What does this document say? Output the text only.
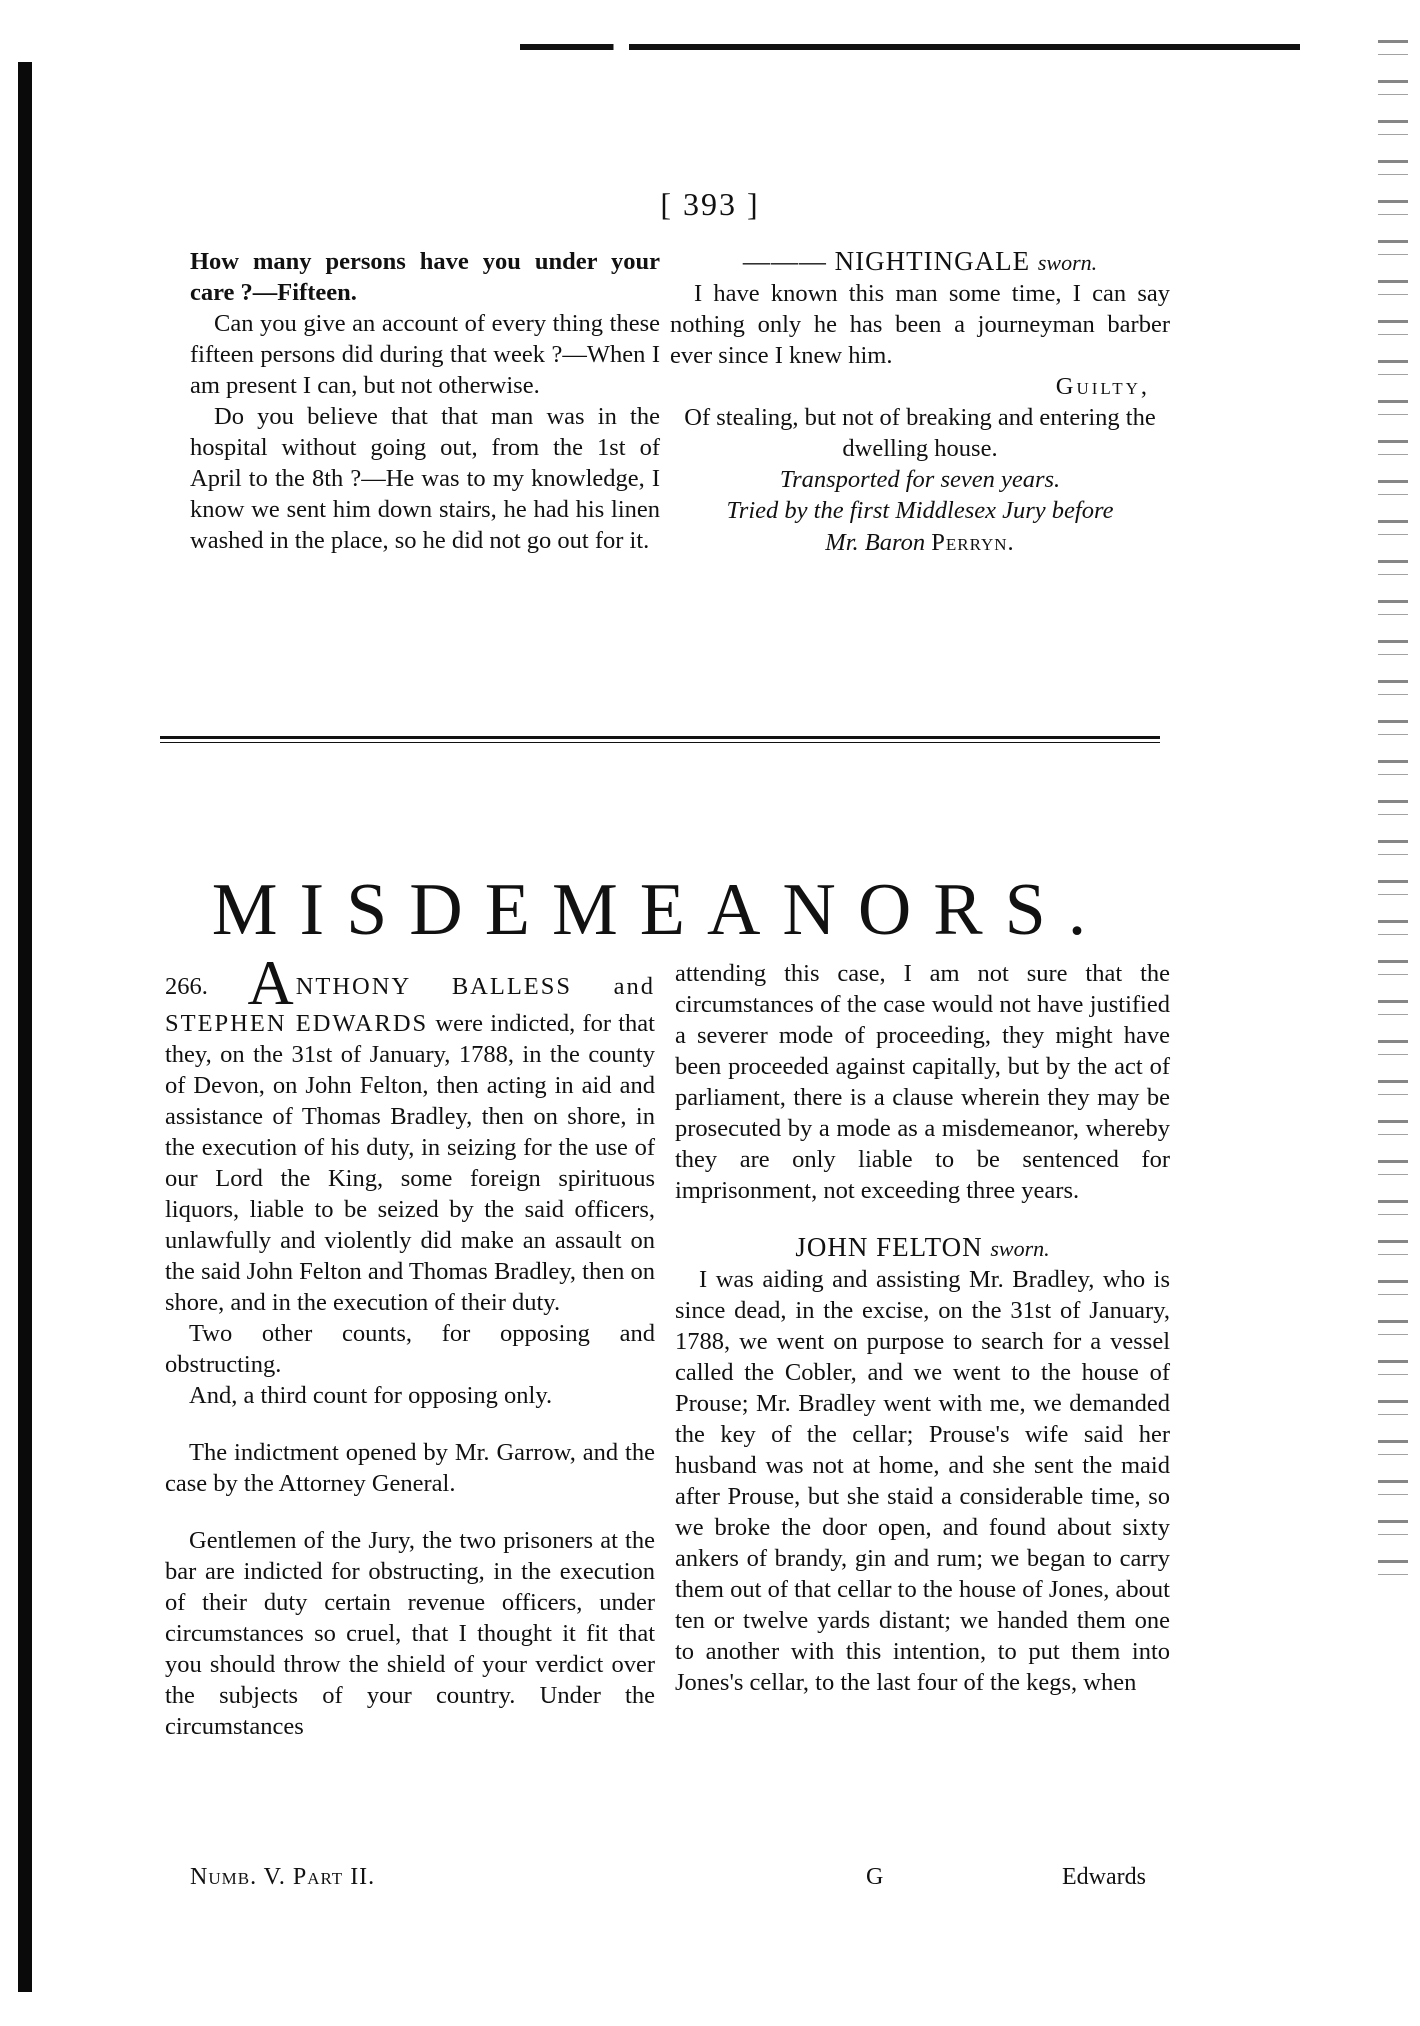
[ 393 ]

How many persons have you under your care ?—Fifteen.

Can you give an account of every thing these fifteen persons did during that week ?—When I am present I can, but not otherwise.

Do you believe that that man was in the hospital without going out, from the 1st of April to the 8th ?—He was to my knowledge, I know we sent him down stairs, he had his linen washed in the place, so he did not go out for it.

——— NIGHTINGALE sworn.

I have known this man some time, I can say nothing only he has been a journeyman barber ever since I knew him.

Guilty,

Of stealing, but not of breaking and entering the dwelling house.

Transported for seven years.

Tried by the first Middlesex Jury before
Mr. Baron Perryn.

MISDEMEANORS.

266. ANTHONY BALLESS and STEPHEN EDWARDS were indicted, for that they, on the 31st of January, 1788, in the county of Devon, on John Felton, then acting in aid and assistance of Thomas Bradley, then on shore, in the execution of his duty, in seizing for the use of our Lord the King, some foreign spirituous liquors, liable to be seized by the said officers, unlawfully and violently did make an assault on the said John Felton and Thomas Bradley, then on shore, and in the execution of their duty.

Two other counts, for opposing and obstructing.

And, a third count for opposing only.

The indictment opened by Mr. Garrow, and the case by the Attorney General.

Gentlemen of the Jury, the two prisoners at the bar are indicted for obstructing, in the execution of their duty certain revenue officers, under circumstances so cruel, that I thought it fit that you should throw the shield of your verdict over the subjects of your country. Under the circumstances

attending this case, I am not sure that the circumstances of the case would not have justified a severer mode of proceeding, they might have been proceeded against capitally, but by the act of parliament, there is a clause wherein they may be prosecuted by a mode as a misdemeanor, whereby they are only liable to be sentenced for imprisonment, not exceeding three years.

JOHN FELTON sworn.

I was aiding and assisting Mr. Bradley, who is since dead, in the excise, on the 31st of January, 1788, we went on purpose to search for a vessel called the Cobler, and we went to the house of Prouse; Mr. Bradley went with me, we demanded the key of the cellar; Prouse's wife said her husband was not at home, and she sent the maid after Prouse, but she staid a considerable time, so we broke the door open, and found about sixty ankers of brandy, gin and rum; we began to carry them out of that cellar to the house of Jones, about ten or twelve yards distant; we handed them one to another with this intention, to put them into Jones's cellar, to the last four of the kegs, when

Numb. V. Part II.	G	Edwards
